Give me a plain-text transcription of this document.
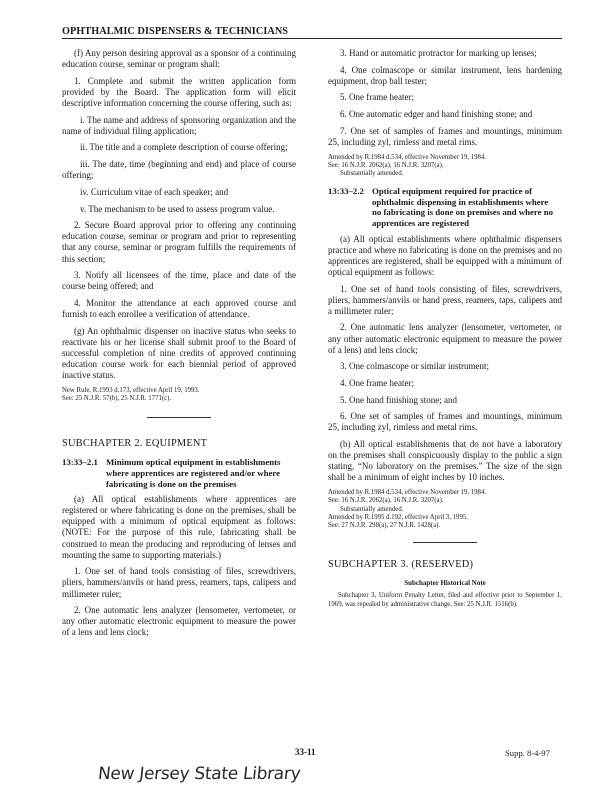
OPHTHALMIC DISPENSERS & TECHNICIANS

(f) Any person desiring approval as a sponsor of a continuing education course, seminar or program shall:

1. Complete and submit the written application form provided by the Board. The application form will elicit descriptive information concerning the course offering, such as:

i. The name and address of sponsoring organization and the name of individual filing application;

ii. The title and a complete description of course offering;

iii. The date, time (beginning and end) and place of course offering;

iv. Curriculum vitae of each speaker; and

v. The mechanism to be used to assess program value.

2. Secure Board approval prior to offering any continuing education course, seminar or program and prior to representing that any course, seminar or program fulfills the requirements of this section;

3. Notify all licensees of the time, place and date of the course being offered; and

4. Monitor the attendance at each approved course and furnish to each enrollee a verification of attendance.

(g) An ophthalmic dispenser on inactive status who seeks to reactivate his or her license shall submit proof to the Board of successful completion of nine credits of approved continuing education course work for each biennial period of approved inactive status.

New Rule, R.1993 d.173, effective April 19, 1993.

See: 25 N.J.R. 57(b), 25 N.J.R. 1771(c).

SUBCHAPTER 2. EQUIPMENT

13:33–2.1 Minimum optical equipment in establishments
where apprentices are registered and/or where
fabricating is done on the premises

(a) All optical establishments where apprentices are registered or where fabricating is done on the premises, shall be equipped with a minimum of optical equipment as follows: (NOTE: For the purpose of this rule, fabricating shall be construed to mean the producing and reproducing of lenses and mounting the same to supporting materials.)

1. One set of hand tools consisting of files, screwdrivers, pliers, hammers/anvils or hand press, reamers, taps, calipers and millimeter ruler;

2. One automatic lens analyzer (lensometer, vertometer, or any other automatic electronic equipment to measure the power of a lens and lens clock;

3. Hand or automatic protractor for marking up lenses;

4. One colmascope or similar instrument, lens hardening equipment, drop ball tester;

5. One frame heater;

6. One automatic edger and hand finishing stone; and

7. One set of samples of frames and mountings, minimum 25, including zyl, rimless and metal rims.

Amended by R.1984 d.534, effective November 19, 1984.

See: 16 N.J.R. 2062(a), 16 N.J.R. 3207(a).

Substantially amended.

13:33–2.2 Optical equipment required for practice of
ophthalmic dispensing in establishments where
no fabricating is done on premises and where no
apprentices are registered

(a) All optical establishments where ophthalmic dispensers practice and where no fabricating is done on the premises and no apprentices are registered, shall be equipped with a minimum of optical equipment as follows:

1. One set of hand tools consisting of files, screwdrivers, pliers, hammers/anvils or hand press, reamers, taps, calipers and a millimeter ruler;

2. One automatic lens analyzer (lensometer, vertometer, or any other automatic electronic equipment to measure the power of a lens) and lens clock;

3. One colmascope or similar instrument;

4. One frame heater;

5. One hand finishing stone; and

6. One set of samples of frames and mountings, minimum 25, including zyl, rimless and metal rims.

(b) All optical establishments that do not have a laboratory on the premises shall conspicuously display to the public a sign stating, “No laboratory on the premises.” The size of the sign shall be a minimum of eight inches by 10 inches.

Amended by R.1984 d.534, effective November 19, 1984.

See: 16 N.J.R. 2062(a), 16 N.J.R. 3207(a).

Substantially amended.

Amended by R.1995 d.192, effective April 3, 1995.

See: 27 N.J.R. 298(a), 27 N.J.R. 1428(a).

SUBCHAPTER 3. (RESERVED)

Subchapter Historical Note

Subchapter 3, Uniform Penalty Letter, filed and effective prior to September 1, 1969, was repealed by administrative change. See: 25 N.J.R. 1516(b).

33-11	Supp. 8-4-97
New Jersey State Library
